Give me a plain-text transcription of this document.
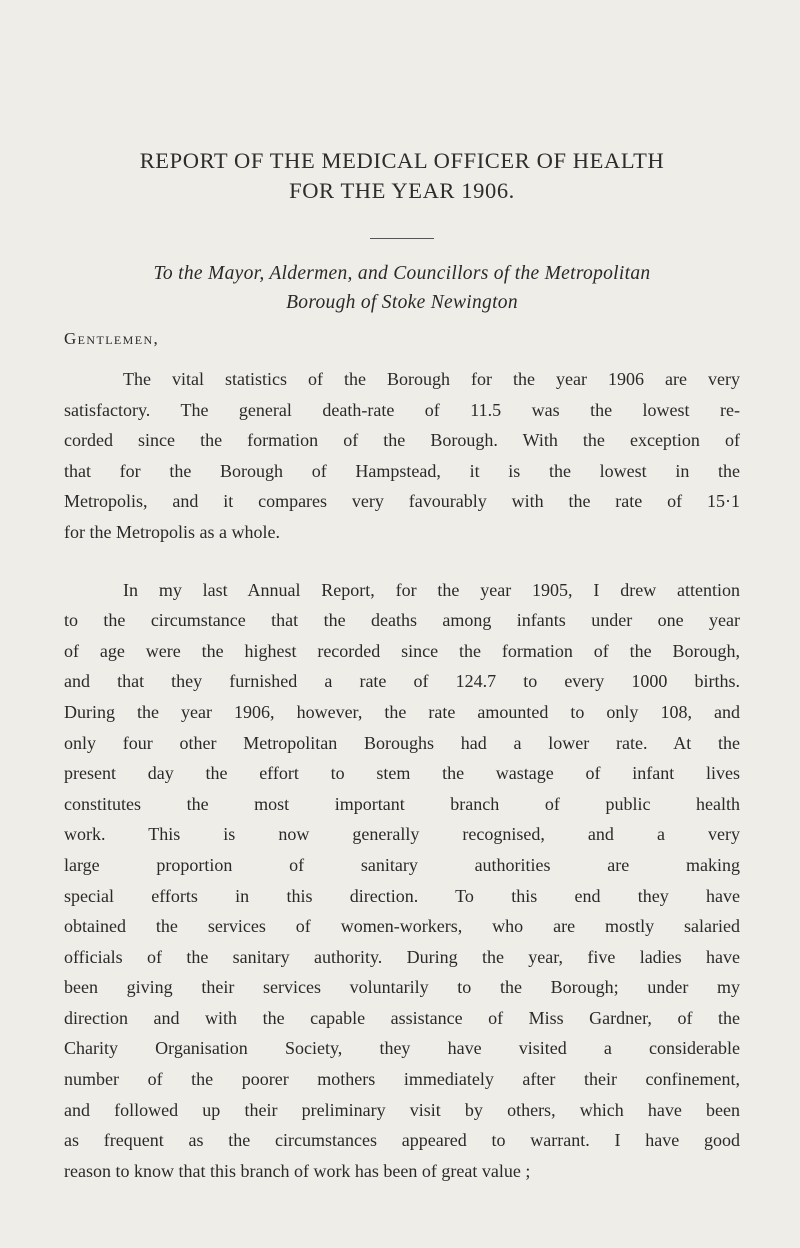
REPORT OF THE MEDICAL OFFICER OF HEALTH
FOR THE YEAR 1906.

To the Mayor, Aldermen, and Councillors of the Metropolitan
Borough of Stoke Newington

Gentlemen,

The vital statistics of the Borough for the year 1906 are very
satisfactory. The general death-rate of 11.5 was the lowest re-
corded since the formation of the Borough. With the exception of
that for the Borough of Hampstead, it is the lowest in the
Metropolis, and it compares very favourably with the rate of 15·1
for the Metropolis as a whole.
In my last Annual Report, for the year 1905, I drew attention
to the circumstance that the deaths among infants under one year
of age were the highest recorded since the formation of the Borough,
and that they furnished a rate of 124.7 to every 1000 births.
During the year 1906, however, the rate amounted to only 108, and
only four other Metropolitan Boroughs had a lower rate. At the
present day the effort to stem the wastage of infant lives
constitutes the most important branch of public health
work. This is now generally recognised, and a very
large proportion of sanitary authorities are making
special efforts in this direction. To this end they have
obtained the services of women-workers, who are mostly salaried
officials of the sanitary authority. During the year, five ladies have
been giving their services voluntarily to the Borough; under my
direction and with the capable assistance of Miss Gardner, of the
Charity Organisation Society, they have visited a considerable
number of the poorer mothers immediately after their confinement,
and followed up their preliminary visit by others, which have been
as frequent as the circumstances appeared to warrant. I have good
reason to know that this branch of work has been of great value ;
